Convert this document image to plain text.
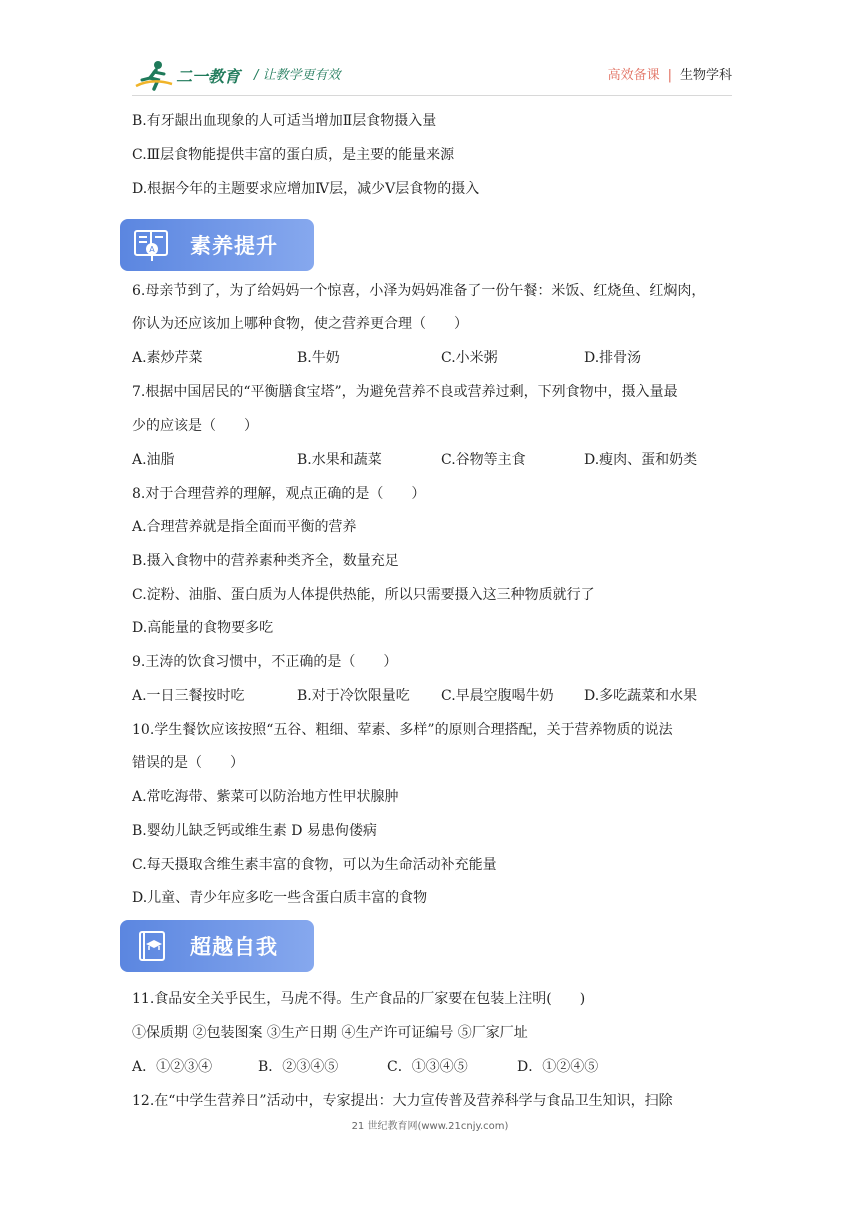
二一教育 / 让教学更有效	高效备课 | 生物学科
B.有牙龈出血现象的人可适当增加Ⅱ层食物摄入量
C.Ⅲ层食物能提供丰富的蛋白质，是主要的能量来源
D.根据今年的主题要求应增加Ⅳ层，减少Ⅴ层食物的摄入
A 素养提升
6.母亲节到了，为了给妈妈一个惊喜，小泽为妈妈准备了一份午餐：米饭、红烧鱼、红焖肉，
你认为还应该加上哪种食物，使之营养更合理（　　）
A.素炒芹菜	B.牛奶	C.小米粥	D.排骨汤
7.根据中国居民的“平衡膳食宝塔”，为避免营养不良或营养过剩，下列食物中，摄入量最
少的应该是（　　）
A.油脂	B.水果和蔬菜	C.谷物等主食	D.瘦肉、蛋和奶类
8.对于合理营养的理解，观点正确的是（　　）
A.合理营养就是指全面而平衡的营养
B.摄入食物中的营养素种类齐全，数量充足
C.淀粉、油脂、蛋白质为人体提供热能，所以只需要摄入这三种物质就行了
D.高能量的食物要多吃
9.王涛的饮食习惯中，不正确的是（　　）
A.一日三餐按时吃	B.对于冷饮限量吃 C.早晨空腹喝牛奶 D.多吃蔬菜和水果
10.学生餐饮应该按照“五谷、粗细、荤素、多样”的原则合理搭配，关于营养物质的说法
错误的是（　　）
A.常吃海带、紫菜可以防治地方性甲状腺肿
B.婴幼儿缺乏钙或维生素 D 易患佝偻病
C.每天摄取含维生素丰富的食物，可以为生命活动补充能量
D.儿童、青少年应多吃一些含蛋白质丰富的食物
超越自我
11.食品安全关乎民生，马虎不得。生产食品的厂家要在包装上注明(　　)
①保质期 ②包装图案 ③生产日期 ④生产许可证编号 ⑤厂家厂址
A．①②③④	B．②③④⑤	C．①③④⑤	D．①②④⑤
12.在“中学生营养日”活动中，专家提出：大力宣传普及营养科学与食品卫生知识，扫除
21 世纪教育网(www.21cnjy.com)
